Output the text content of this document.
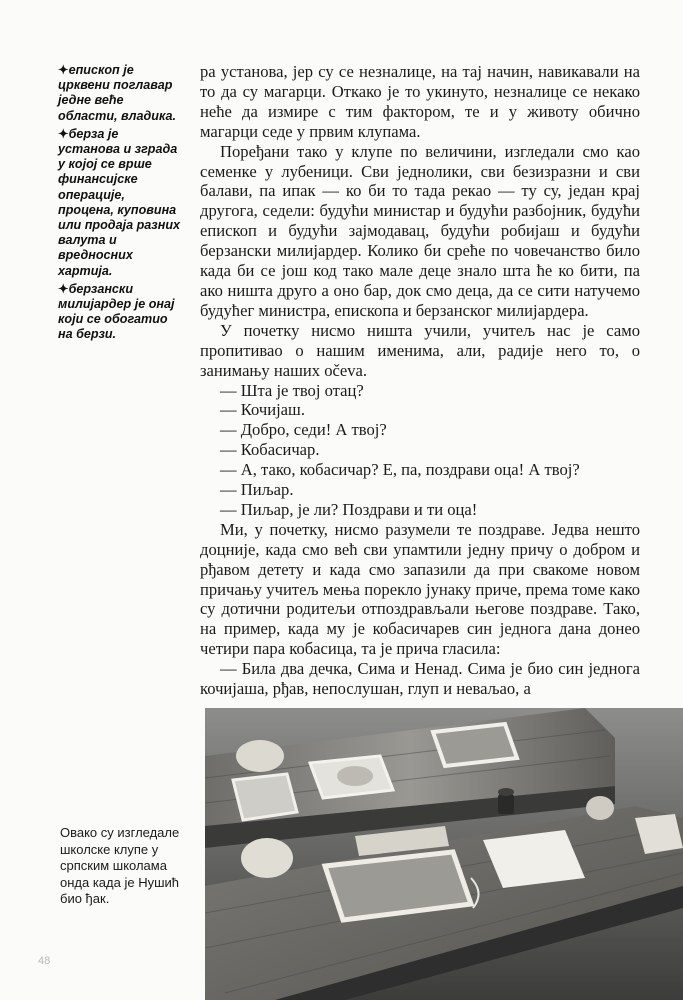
✦епископ је црквени поглавар једне веће области, владика.
✦берза је установа и зграда у којој се врше финансијске операције, процена, куповина или продаја разних валута и вредносних хартија.
✦берзански милијардер је онај који се обогатио на берзи.

ра установа, јер су се незналице, на тај начин, навикавали на то да су магарци. Откако је то укинуто, незналице се некако неће да измире с тим фактором, те и у животу обично магарци седе у првим клупама.

Поређани тако у клупе по величини, изгледали смо као семенке у лубеници. Сви једнолики, сви безизразни и сви балави, па ипак — ко би то тада рекао — ту су, један крај другога, седели: будући министар и будући разбојник, будући епископ и будући зајмодавац, будући робијаш и будући берзански милијардер. Колико би среће по човечанство било када би се још код тако мале деце знало шта ће ко бити, па ако ништа друго а оно бар, док смо деца, да се сити натучемо будућег министра, епископа и берзанског милијардера.

У почетку нисмо ништа учили, учитељ нас је само пропитивао о нашим именима, али, радије него то, о занимању наших očeva.

— Шта је твој отац?

— Кочијаш.

— Добро, седи! А твој?

— Кобасичар.

— А, тако, кобасичар? Е, па, поздрави оца! А твој?

— Пиљар.

— Пиљар, је ли? Поздрави и ти оца!

Ми, у почетку, нисмо разумели те поздраве. Једва нешто доцније, када смо већ сви упамтили једну причу о добром и рђавом детету и када смо запазили да при свакоме новом причању учитељ мења порекло јунаку приче, према томе како су дотични родитељи отпоздрављали његове поздраве. Тако, на пример, када му је кобасичарев син једнога дана донео четири пара кобасица, та је прича гласила:

— Била два дечка, Сима и Ненад. Сима је био син једнога кочијаша, рђав, непослушан, глуп и неваљао, а

Овако су изгледале школске клупе у српским школама онда када је Нушић био ђак.
48
